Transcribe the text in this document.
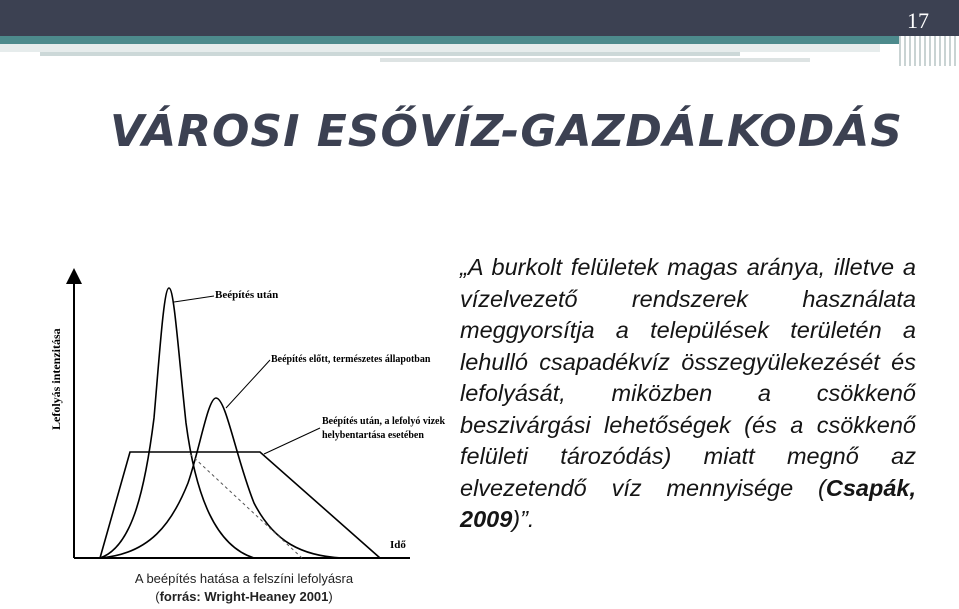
17
VÁROSI ESŐVÍZ-GAZDÁLKODÁS
Lefolyás intenzitása
Idő
Beépítés után
Beépítés előtt, természetes állapotban
Beépítés után, a lefolyó vizek
helybentartása esetében
A beépítés hatása a felszíni lefolyásra
(forrás: Wright-Heaney 2001)

„A burkolt felületek magas aránya, illetve a vízelvezető rendszerek használata meggyorsítja a települések területén a lehulló csapadékvíz összegyülekezését és lefolyását, miközben a csökkenő beszivárgási lehetőségek (és a csökkenő felületi tározódás) miatt megnő az elvezetendő víz mennyisége (Csapák, 2009)”.
